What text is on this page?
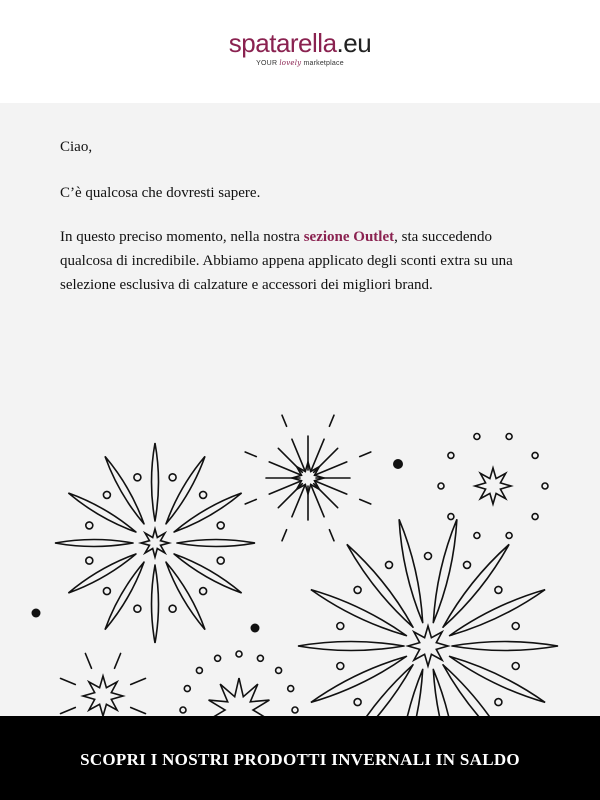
spatarella.eu
YOUR lovely marketplace

Ciao,

C’è qualcosa che dovresti sapere.

In questo preciso momento, nella nostra sezione Outlet, sta succedendo qualcosa di incredibile. Abbiamo appena applicato degli sconti extra su una selezione esclusiva di calzature e accessori dei migliori brand.

SCOPRI I NOSTRI PRODOTTI INVERNALI IN SALDO
